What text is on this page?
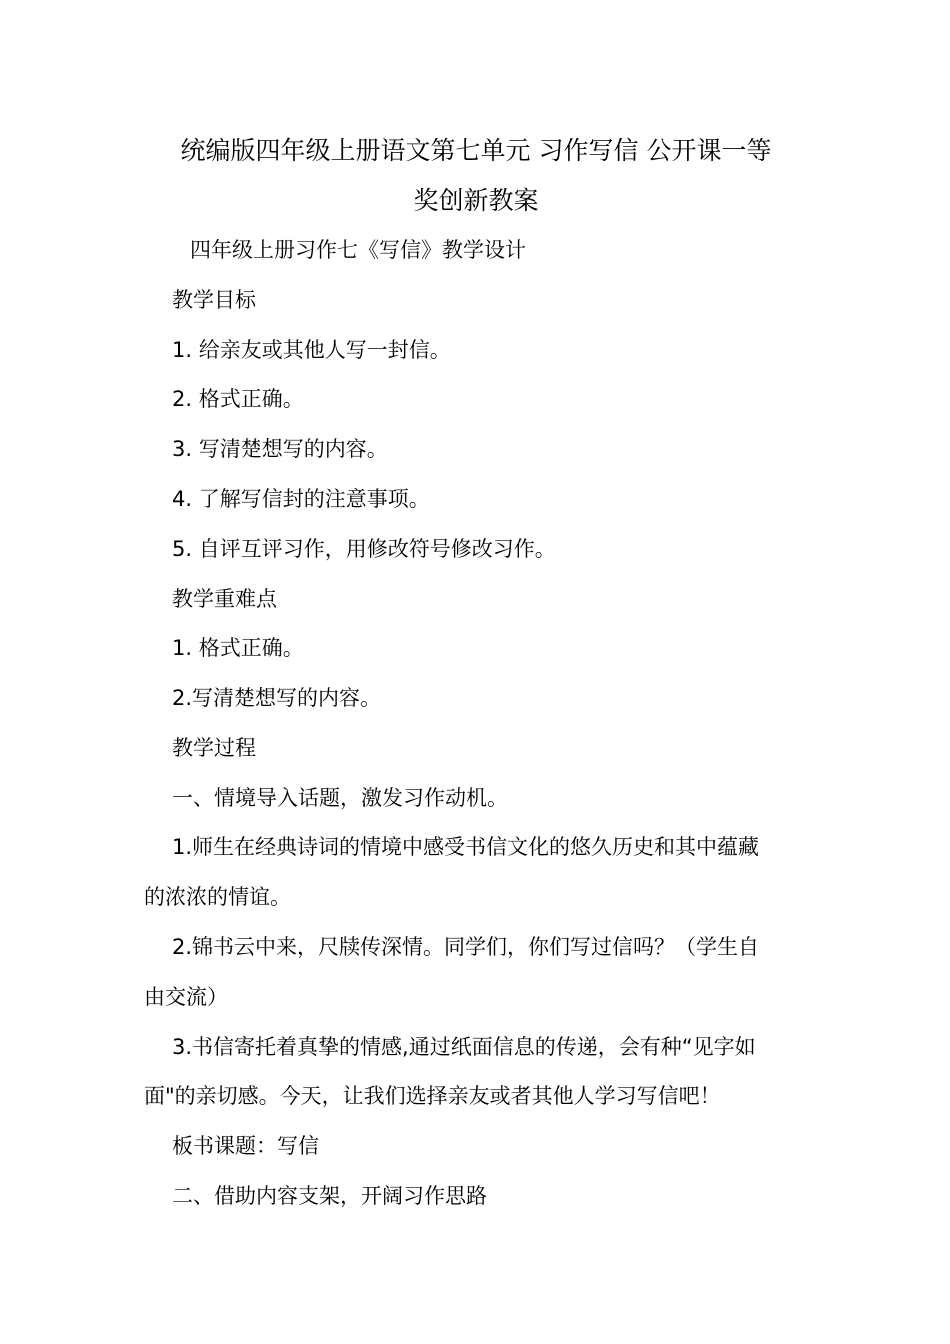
统编版四年级上册语文第七单元 习作写信 公开课一等
奖创新教案
四年级上册习作七《写信》教学设计
教学目标
1. 给亲友或其他人写一封信。
2. 格式正确。
3. 写清楚想写的内容。
4. 了解写信封的注意事项。
5. 自评互评习作，用修改符号修改习作。
教学重难点
1. 格式正确。
2.写清楚想写的内容。
教学过程
一、情境导入话题，激发习作动机。
1.师生在经典诗词的情境中感受书信文化的悠久历史和其中蕴藏
的浓浓的情谊。
2.锦书云中来，尺牍传深情。同学们，你们写过信吗？（学生自
由交流）
3.书信寄托着真挚的情感,通过纸面信息的传递，会有种“见字如
面"的亲切感。今天，让我们选择亲友或者其他人学习写信吧！
板书课题：写信
二、借助内容支架，开阔习作思路
